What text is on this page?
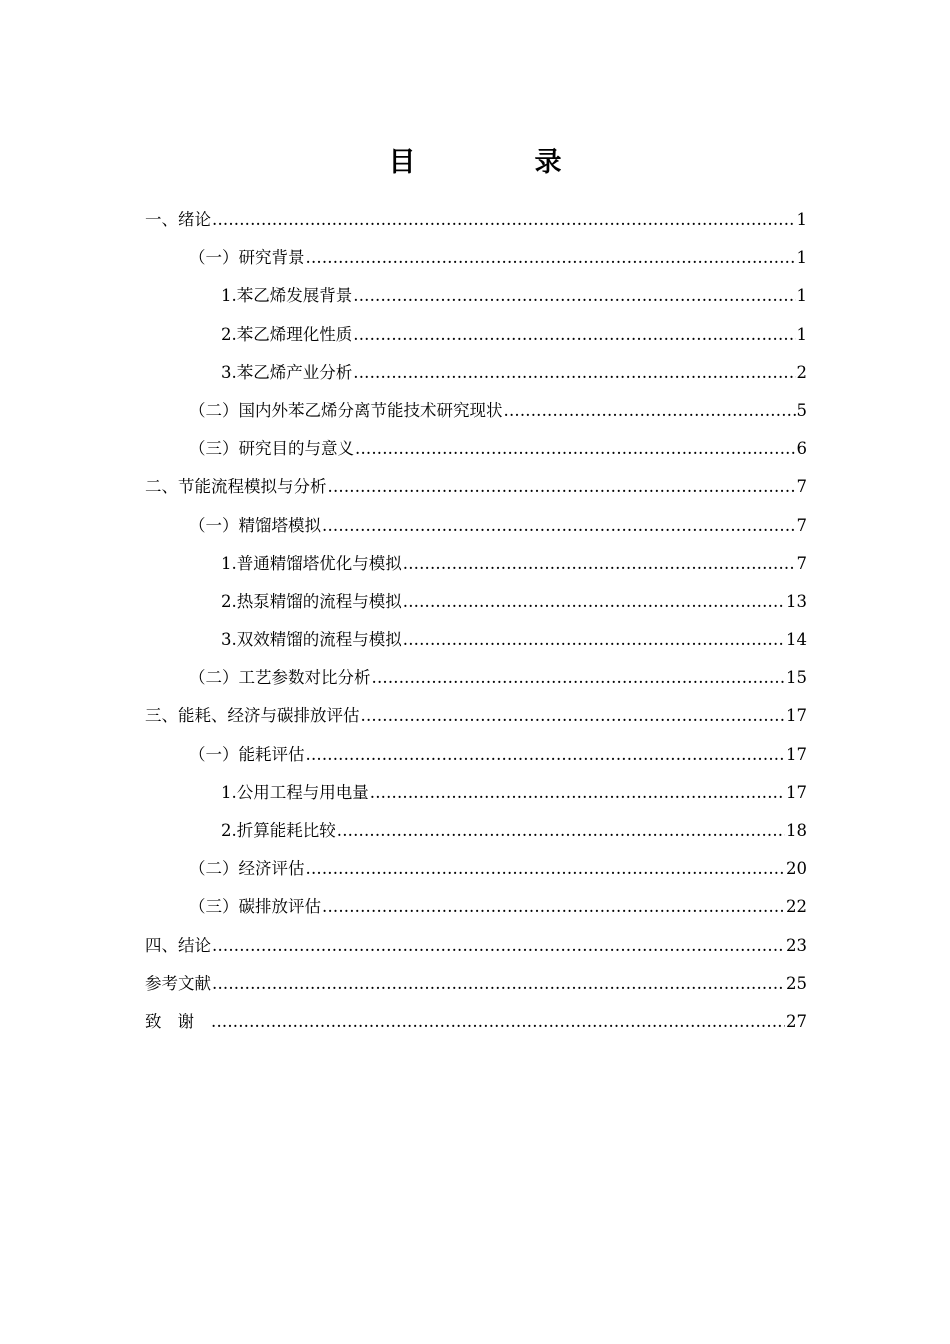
目　录
一、 绪论 .....	1
（一） 研究背景 .....	1
1. 苯乙烯发展背景 .....	1
2. 苯乙烯理化性质 .....	1
3. 苯乙烯产业分析 .....	2
（二） 国内外苯乙烯分离节能技术研究现状 .....	5
（三） 研究目的与意义 .....	6
二、 节能流程模拟与分析 .....	7
（一） 精馏塔模拟 .....	7
1. 普通精馏塔优化与模拟 .....	7
2. 热泵精馏的流程与模拟 .....	13
3. 双效精馏的流程与模拟 .....	14
（二） 工艺参数对比分析 .....	15
三、 能耗、经济与碳排放评估 .....	17
（一） 能耗评估 .....	17
1. 公用工程与用电量 .....	17
2. 折算能耗比较 .....	18
（二） 经济评估 .....	20
（三） 碳排放评估 .....	22
四、 结论 .....	23
参考文献 .....	25
致谢 .....	27
